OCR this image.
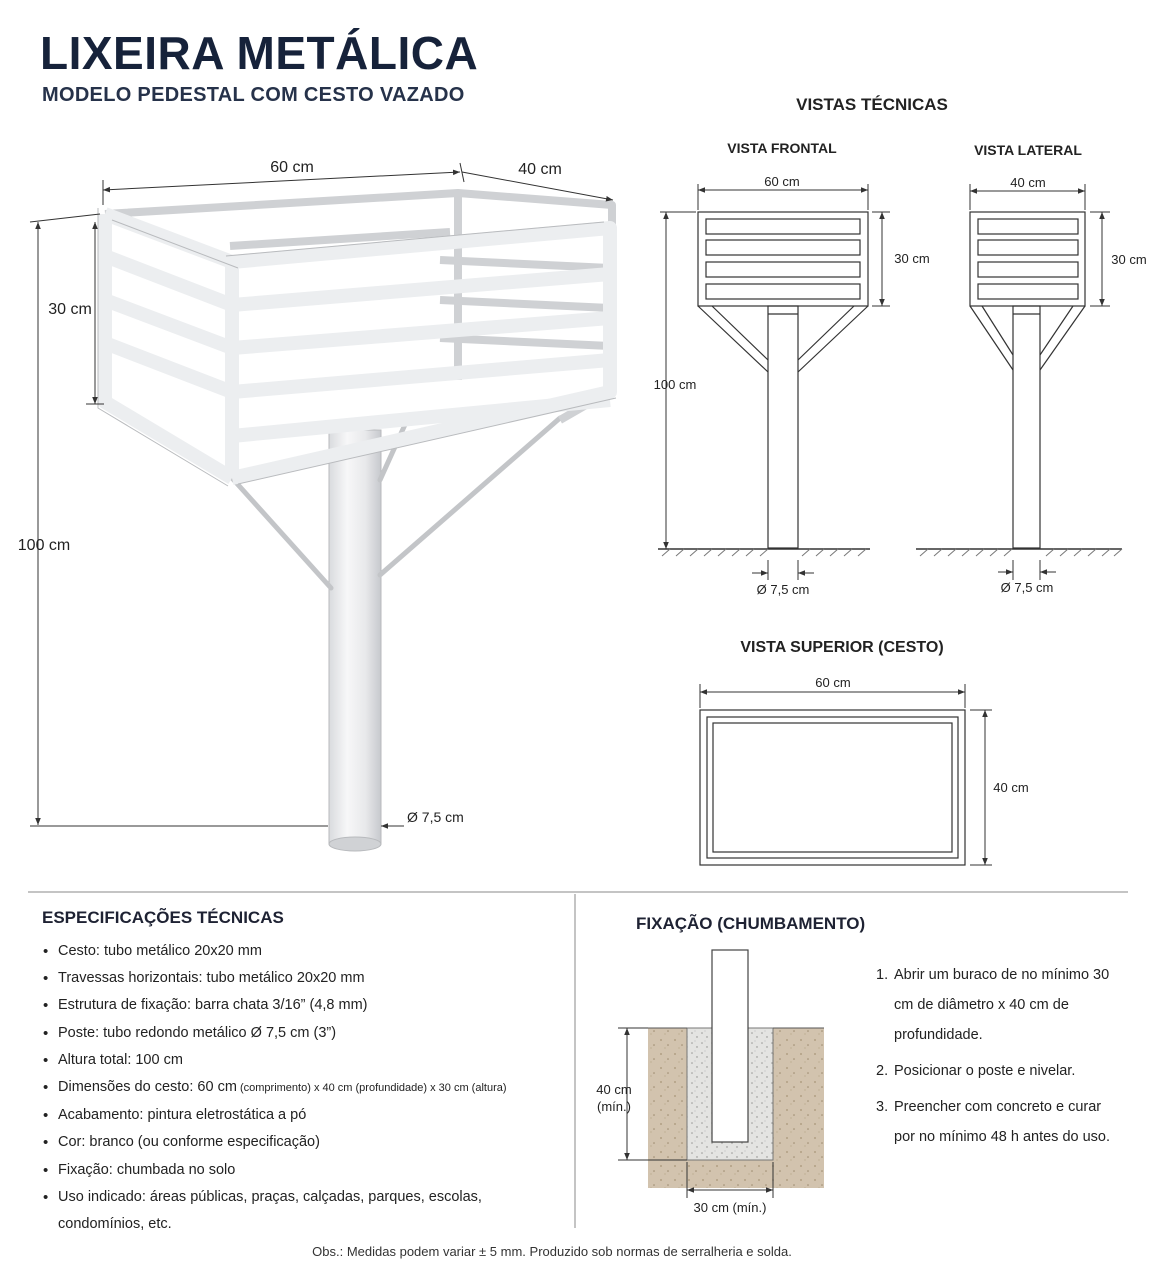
LIXEIRA METÁLICA
MODELO PEDESTAL COM CESTO VAZADO
60 cm	40 cm
30 cm
100 cm
Ø 7,5 cm
VISTAS TÉCNICAS
VISTA FRONTAL
60 cm
30 cm
100 cm
Ø 7,5 cm
VISTA LATERAL
40 cm
30 cm
Ø 7,5 cm
VISTA SUPERIOR (CESTO)
60 cm
40 cm
40 cm
(mín.)
30 cm (mín.)
ESPECIFICAÇÕES TÉCNICAS
• Cesto: tubo metálico 20x20 mm
• Travessas horizontais: tubo metálico 20x20 mm
• Estrutura de fixação: barra chata 3/16” (4,8 mm)
• Poste: tubo redondo metálico Ø 7,5 cm (3”)
• Altura total: 100 cm
• Dimensões do cesto: 60 cm (comprimento) x 40 cm (profundidade) x 30 cm (altura)
• Acabamento: pintura eletrostática a pó
• Cor: branco (ou conforme especificação)
• Fixação: chumbada no solo
• Uso indicado: áreas públicas, praças, calçadas, parques, escolas, condomínios, etc.
FIXAÇÃO (CHUMBAMENTO)
1. Abrir um buraco de no mínimo 30 cm de diâmetro x 40 cm de profundidade.
2. Posicionar o poste e nivelar.
3. Preencher com concreto e curar por no mínimo 48 h antes do uso.

Obs.: Medidas podem variar ± 5 mm. Produzido sob normas de serralheria e solda.
